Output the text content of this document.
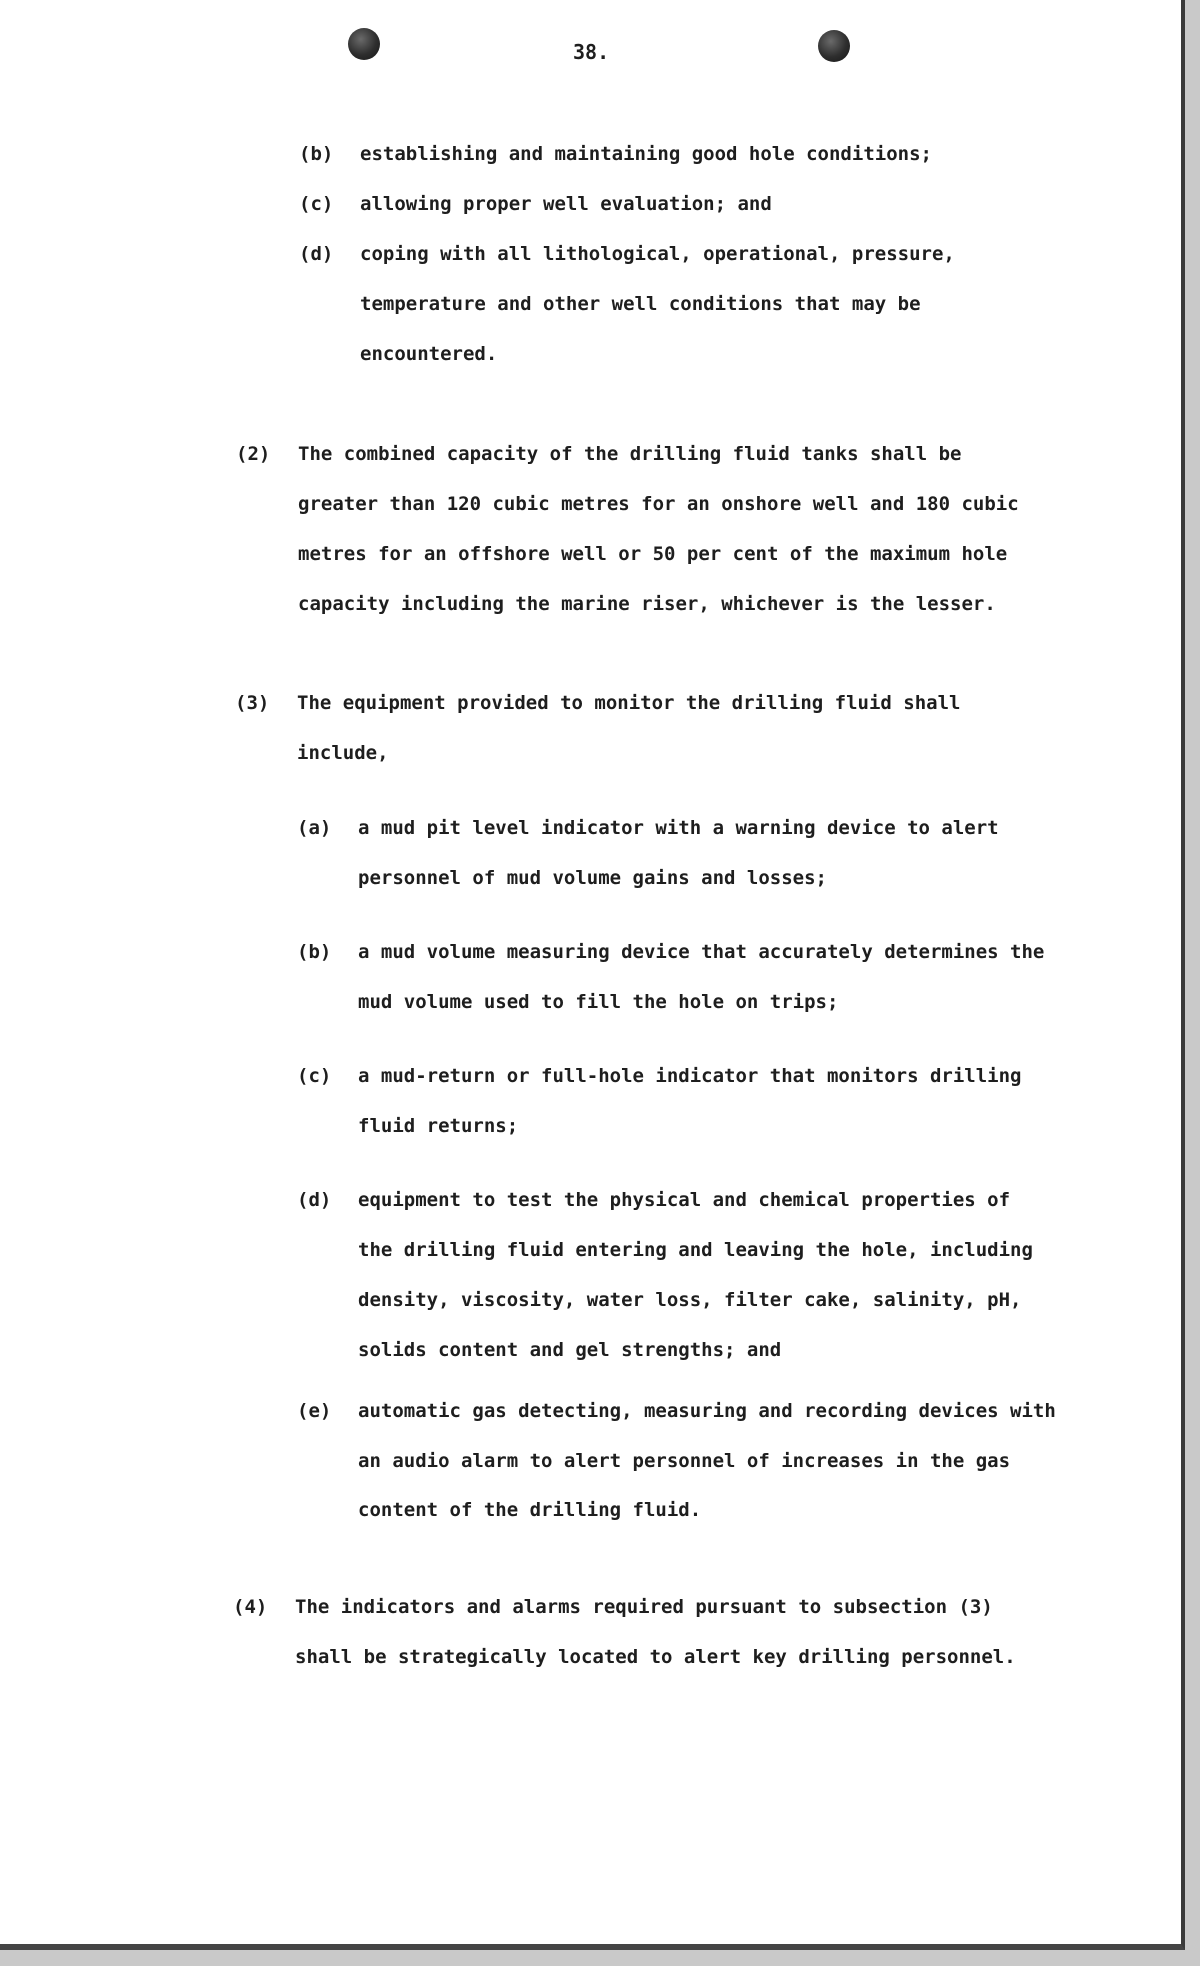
38.
(b) establishing and maintaining good hole conditions;
(c) allowing proper well evaluation; and
(d) coping with all lithological, operational, pressure,
temperature and other well conditions that may be
encountered.
(2) The combined capacity of the drilling fluid tanks shall be
greater than 120 cubic metres for an onshore well and 180 cubic
metres for an offshore well or 50 per cent of the maximum hole
capacity including the marine riser, whichever is the lesser.
(3) The equipment provided to monitor the drilling fluid shall
include,
(a) a mud pit level indicator with a warning device to alert
personnel of mud volume gains and losses;
(b) a mud volume measuring device that accurately determines the
mud volume used to fill the hole on trips;
(c) a mud-return or full-hole indicator that monitors drilling
fluid returns;
(d) equipment to test the physical and chemical properties of
the drilling fluid entering and leaving the hole, including
density, viscosity, water loss, filter cake, salinity, pH,
solids content and gel strengths; and
(e) automatic gas detecting, measuring and recording devices with
an audio alarm to alert personnel of increases in the gas
content of the drilling fluid.
(4) The indicators and alarms required pursuant to subsection (3)
shall be strategically located to alert key drilling personnel.
